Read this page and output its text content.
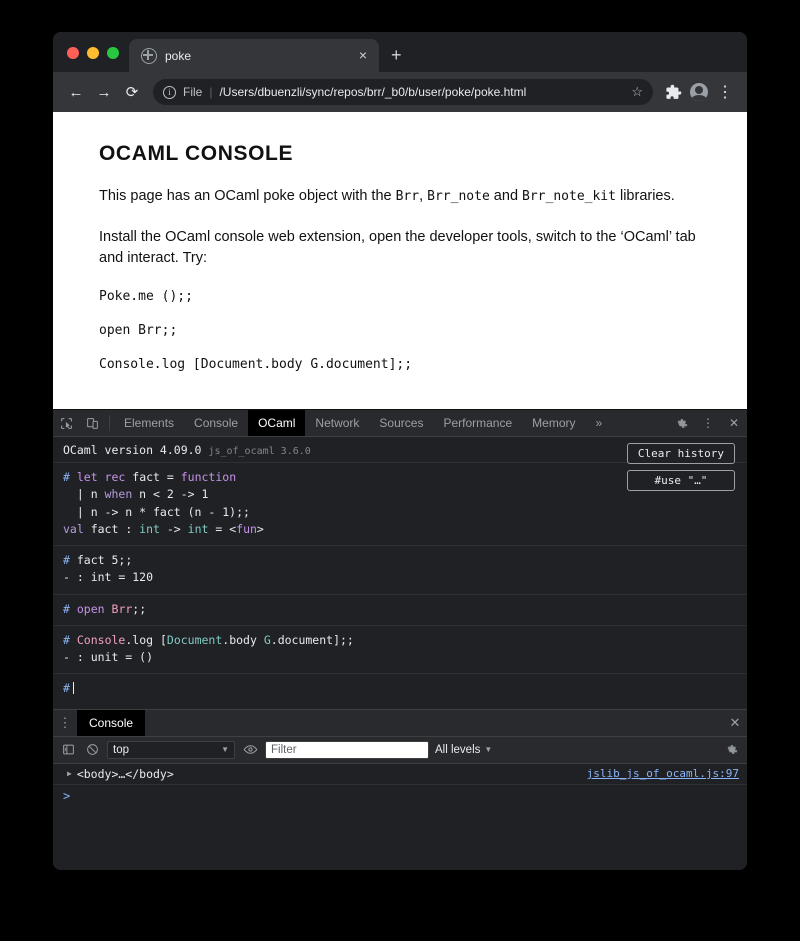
poke	×	+
← → ⟳	i	File | /Users/dbuenzli/sync/repos/brr/_b0/b/user/poke/poke.html	☆	⋮
OCAML CONSOLE

This page has an OCaml poke object with the Brr, Brr_note and Brr_note_kit libraries.

Install the OCaml console web extension, open the developer tools, switch to the ‘OCaml’ tab and interact. Try:

Poke.me ();;
open Brr;;
Console.log [Document.body G.document];;
Elements	Console	OCaml	Network	Sources	Performance	Memory	»	⋮	✕
OCaml version 4.09.0 js_of_ocaml 3.6.0	Clear history
#use "…"
# let rec fact = function
| n when n < 2 -> 1
| n -> n * fact (n - 1);;
val fact : int -> int = <fun>
# fact 5;;
- : int = 120
# open Brr;;
# Console.log [Document.body G.document];;
- : unit = ()
#
⋮	Console	✕
top	▼	Filter	All levels ▼
▶ <body>…</body>	jslib_js_of_ocaml.js:97
>
